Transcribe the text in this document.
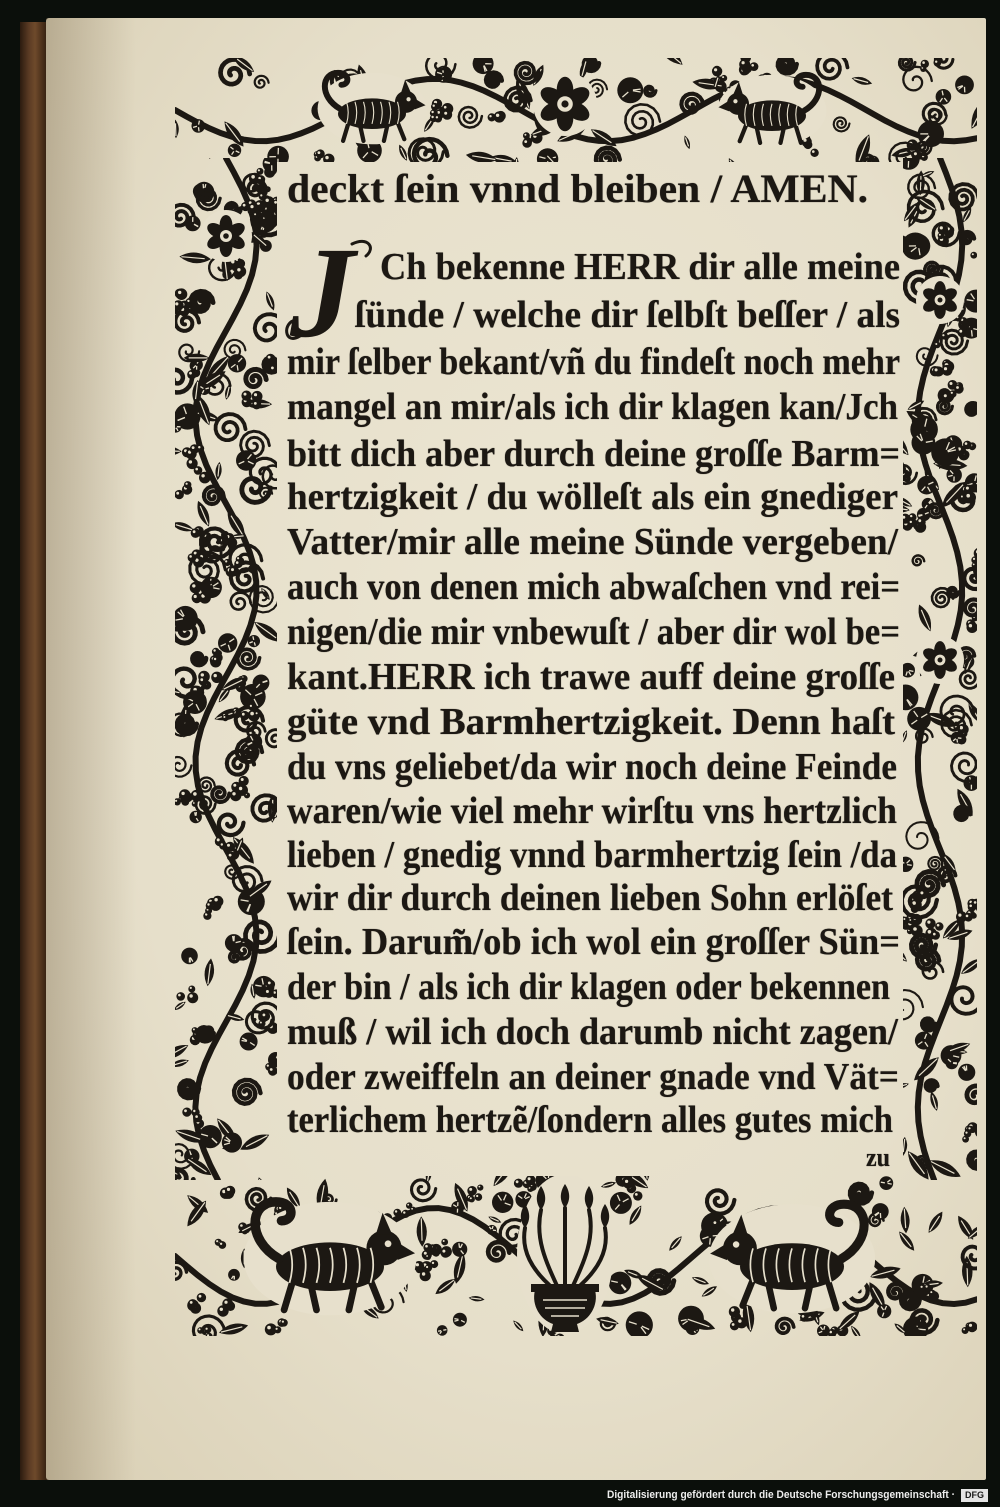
deckt ſein vnnd bleiben / AMEN.
J Ch bekenne HERR dir alle meine
ſünde / welche dir ſelbſt beſſer / als
mir ſelber bekant/vñ du findeſt noch mehr
mangel an mir/als ich dir klagen kan/Jch
bitt dich aber durch deine groſſe Barm=
hertzigkeit / du wölleſt als ein gnediger
Vatter/mir alle meine Sünde vergeben/
auch von denen mich abwaſchen vnd rei=
nigen/die mir vnbewuſt / aber dir wol be=
kant.HERR ich trawe auff deine groſſe
güte vnd Barmhertzigkeit. Denn haſt
du vns geliebet/da wir noch deine Feinde
waren/wie viel mehr wirſtu vns hertzlich
lieben / gnedig vnnd barmhertzig ſein /da
wir dir durch deinen lieben Sohn erlöſet
ſein. Darum̃/ob ich wol ein groſſer Sün=
der bin / als ich dir klagen oder bekennen
muß / wil ich doch darumb nicht zagen/
oder zweiffeln an deiner gnade vnd Vät=
terlichem hertzẽ/ſondern alles gutes mich
zu
Digitalisierung gefördert durch die Deutsche Forschungsgemeinschaft ·	DFG
